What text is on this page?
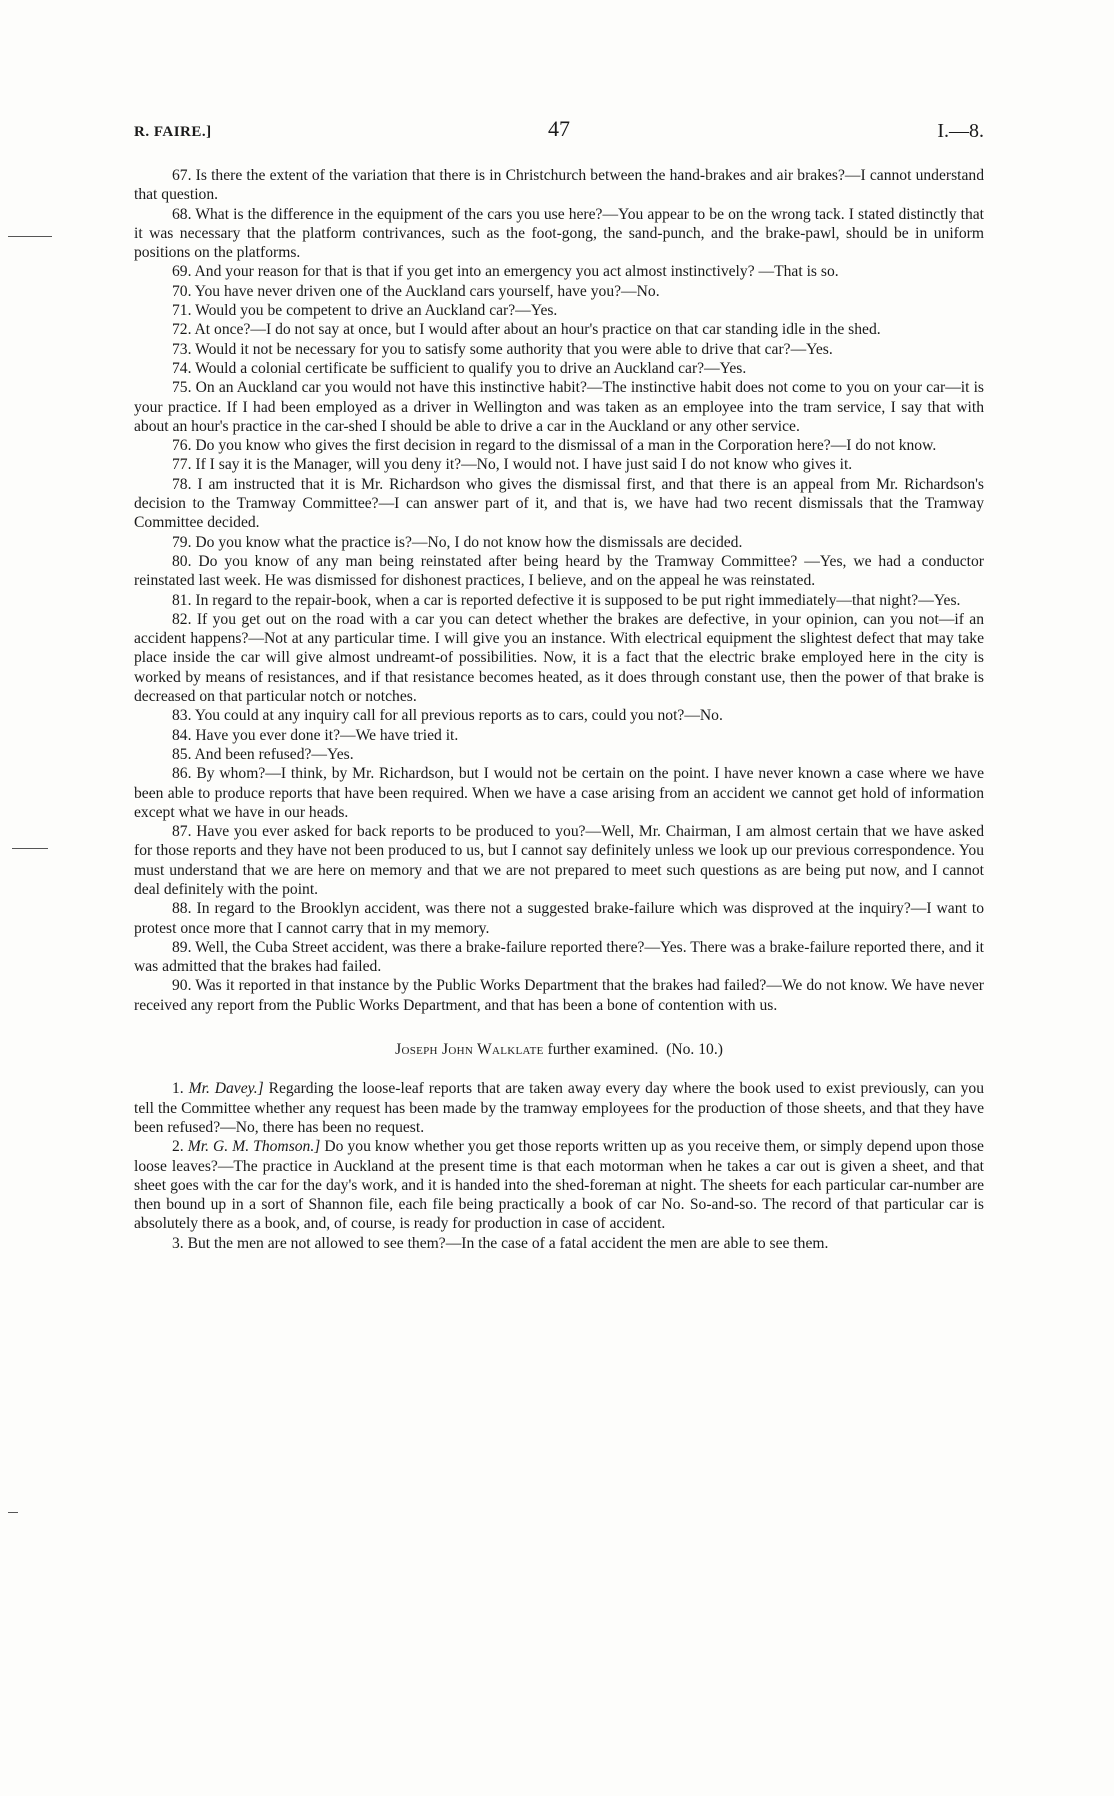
R. FAIRE.]	47	I.—8.

67. Is there the extent of the variation that there is in Christchurch between the hand-brakes and air brakes?—I cannot understand that question.

68. What is the difference in the equipment of the cars you use here?—You appear to be on the wrong tack. I stated distinctly that it was necessary that the platform contrivances, such as the foot-gong, the sand-punch, and the brake-pawl, should be in uniform positions on the platforms.

69. And your reason for that is that if you get into an emergency you act almost instinctively? —That is so.

70. You have never driven one of the Auckland cars yourself, have you?—No.

71. Would you be competent to drive an Auckland car?—Yes.

72. At once?—I do not say at once, but I would after about an hour's practice on that car standing idle in the shed.

73. Would it not be necessary for you to satisfy some authority that you were able to drive that car?—Yes.

74. Would a colonial certificate be sufficient to qualify you to drive an Auckland car?—Yes.

75. On an Auckland car you would not have this instinctive habit?—The instinctive habit does not come to you on your car—it is your practice. If I had been employed as a driver in Wellington and was taken as an employee into the tram service, I say that with about an hour's practice in the car-shed I should be able to drive a car in the Auckland or any other service.

76. Do you know who gives the first decision in regard to the dismissal of a man in the Corporation here?—I do not know.

77. If I say it is the Manager, will you deny it?—No, I would not. I have just said I do not know who gives it.

78. I am instructed that it is Mr. Richardson who gives the dismissal first, and that there is an appeal from Mr. Richardson's decision to the Tramway Committee?—I can answer part of it, and that is, we have had two recent dismissals that the Tramway Committee decided.

79. Do you know what the practice is?—No, I do not know how the dismissals are decided.

80. Do you know of any man being reinstated after being heard by the Tramway Committee? —Yes, we had a conductor reinstated last week. He was dismissed for dishonest practices, I believe, and on the appeal he was reinstated.

81. In regard to the repair-book, when a car is reported defective it is supposed to be put right immediately—that night?—Yes.

82. If you get out on the road with a car you can detect whether the brakes are defective, in your opinion, can you not—if an accident happens?—Not at any particular time. I will give you an instance. With electrical equipment the slightest defect that may take place inside the car will give almost undreamt-of possibilities. Now, it is a fact that the electric brake employed here in the city is worked by means of resistances, and if that resistance becomes heated, as it does through constant use, then the power of that brake is decreased on that particular notch or notches.

83. You could at any inquiry call for all previous reports as to cars, could you not?—No.

84. Have you ever done it?—We have tried it.

85. And been refused?—Yes.

86. By whom?—I think, by Mr. Richardson, but I would not be certain on the point. I have never known a case where we have been able to produce reports that have been required. When we have a case arising from an accident we cannot get hold of information except what we have in our heads.

87. Have you ever asked for back reports to be produced to you?—Well, Mr. Chairman, I am almost certain that we have asked for those reports and they have not been produced to us, but I cannot say definitely unless we look up our previous correspondence. You must understand that we are here on memory and that we are not prepared to meet such questions as are being put now, and I cannot deal definitely with the point.

88. In regard to the Brooklyn accident, was there not a suggested brake-failure which was disproved at the inquiry?—I want to protest once more that I cannot carry that in my memory.

89. Well, the Cuba Street accident, was there a brake-failure reported there?—Yes. There was a brake-failure reported there, and it was admitted that the brakes had failed.

90. Was it reported in that instance by the Public Works Department that the brakes had failed?—We do not know. We have never received any report from the Public Works Department, and that has been a bone of contention with us.

Joseph John Walklate further examined. (No. 10.)

1. Mr. Davey.] Regarding the loose-leaf reports that are taken away every day where the book used to exist previously, can you tell the Committee whether any request has been made by the tramway employees for the production of those sheets, and that they have been refused?—No, there has been no request.

2. Mr. G. M. Thomson.] Do you know whether you get those reports written up as you receive them, or simply depend upon those loose leaves?—The practice in Auckland at the present time is that each motorman when he takes a car out is given a sheet, and that sheet goes with the car for the day's work, and it is handed into the shed-foreman at night. The sheets for each particular car-number are then bound up in a sort of Shannon file, each file being practically a book of car No. So-and-so. The record of that particular car is absolutely there as a book, and, of course, is ready for production in case of accident.

3. But the men are not allowed to see them?—In the case of a fatal accident the men are able to see them.
